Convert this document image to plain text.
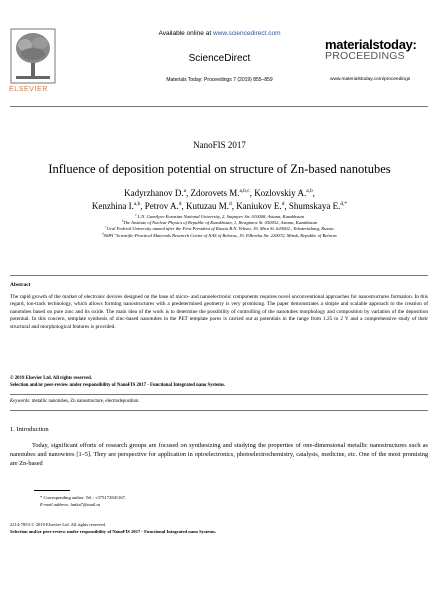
ELSEVIER
Available online at www.sciencedirect.com
ScienceDirect
Materials Today: Proceedings 7 (2019) 855–859
materialstoday:
PROCEEDINGS
www.materialstoday.com/proceedings
NanoFIS 2017
Influence of deposition potential on structure of Zn-based nanotubes
Kadyrzhanov D.$^a$, Zdorovets M.$^{a,b,c}$, Kozlovskiy A.$^{a,b}$,
Kenzhina I.$^{a,b}$, Petrov A.$^d$, Kutuzau M.$^d$, Kaniukov E.$^d$, Shumskaya E.$^{d,*}$
$^a$ L.N. Gumilyov Eurasian National University, 2, Satpayev Str. 010008, Astana, Kazakhstan
$^b$The Institute of Nuclear Physics of Republic of Kazakhstan, 1, Ibragimov St. 050032, Astana, Kazakhstan
$^c$Ural Federal University named after the First President of Russia B.N. Yeltsin, 19, Mira St. 620002., Yekaterinburg, Russia
$^d$SSPA "Scientific-Practical Materials Research Centre of NAS of Belarus, 19, P.Brovka Str. 220072, Minsk, Republic of Belarus
Abstract
The rapid growth of the market of electronic devices designed on the base of micro- and nanoelectronic components requires novel unconventional approaches for nanostructures formation. In this regard, ion-track technology, which allows forming nanostructures with a predetermined geometry is very promising. The paper demonstrates a simple and scalable approach to the creation of nanotubes based on pure zinc and its oxide. The main idea of the work is to determine the possibility of controlling of the nanotubes morphology and composition by variation of the deposition potential. In this concern, template synthesis of zinc-based nanotubes in the PET template pores is carried out at potentials in the range from 1.25 to 2 V and a comprehensive study of their structural and morphological features is provided.
© 2019 Elsevier Ltd. All rights reserved.
Selection and/or peer-review under responsibility of NanoFIS 2017 - Functional Integrated nano Systems.
Keywords: metallic nanotubes, Zn nanostructure, electrodeposition.
1. Introduction
Today, significant efforts of research groups are focused on synthesizing and studying the properties of one-dimensional metallic nanostructures such as nanotubes and nanowires [1–5]. They are perspective for application in optoelectronics, photoelectrochemistry, catalysis, medicine, etc. One of the most promising are Zn-based
* Corresponding author. Tel.: +375172841167.
E-mail address: lunka7@mail.ru
2214-7853 © 2019 Elsevier Ltd. All rights reserved.
Selection and/or peer-review under responsibility of NanoFIS 2017 - Functional Integrated nano Systems.
